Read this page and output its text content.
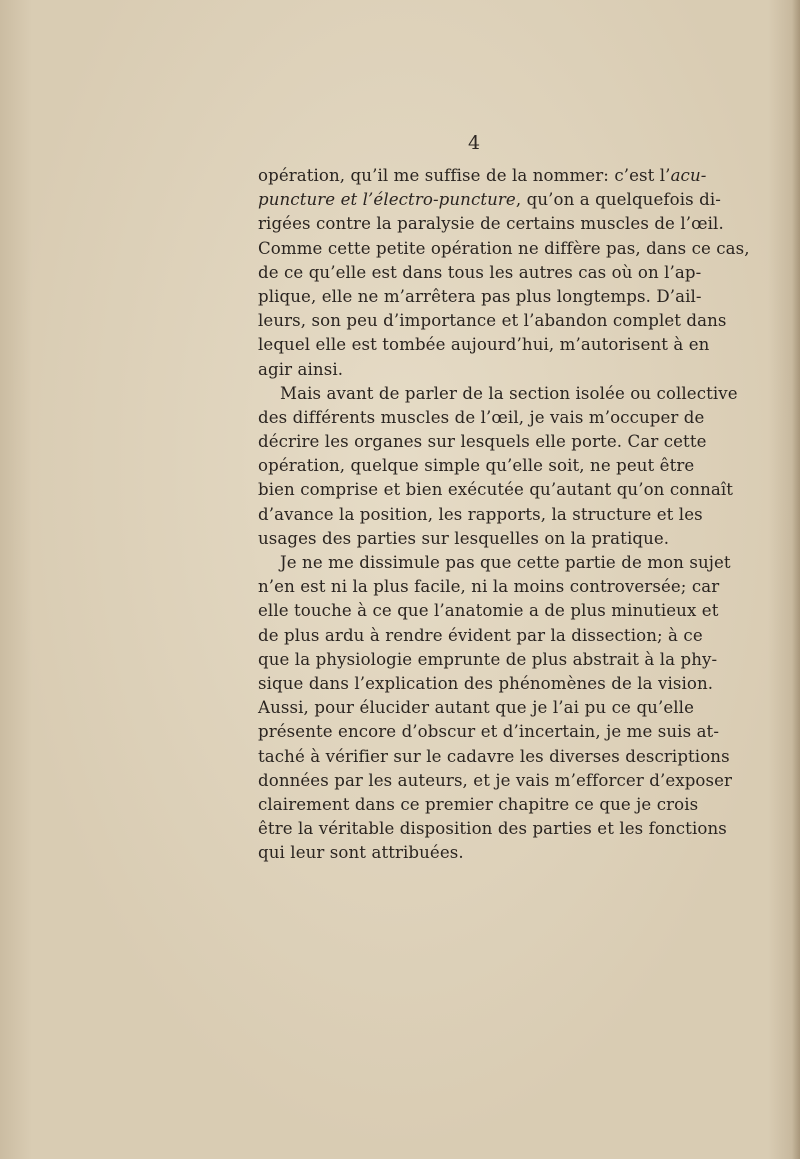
4
opération, qu’il me suffise de la nommer: c’est l’acu-
puncture et l’électro-puncture, qu’on a quelquefois di-
rigées contre la paralysie de certains muscles de l’œil.
Comme cette petite opération ne diffère pas, dans ce cas,
de ce qu’elle est dans tous les autres cas où on l’ap-
plique, elle ne m’arrêtera pas plus longtemps. D’ail-
leurs, son peu d’importance et l’abandon complet dans
lequel elle est tombée aujourd’hui, m’autorisent à en
agir ainsi.
Mais avant de parler de la section isolée ou collective
des différents muscles de l’œil, je vais m’occuper de
décrire les organes sur lesquels elle porte. Car cette
opération, quelque simple qu’elle soit, ne peut être
bien comprise et bien exécutée qu’autant qu’on connaît
d’avance la position, les rapports, la structure et les
usages des parties sur lesquelles on la pratique.
Je ne me dissimule pas que cette partie de mon sujet
n’en est ni la plus facile, ni la moins controversée; car
elle touche à ce que l’anatomie a de plus minutieux et
de plus ardu à rendre évident par la dissection; à ce
que la physiologie emprunte de plus abstrait à la phy-
sique dans l’explication des phénomènes de la vision.
Aussi, pour élucider autant que je l’ai pu ce qu’elle
présente encore d’obscur et d’incertain, je me suis at-
taché à vérifier sur le cadavre les diverses descriptions
données par les auteurs, et je vais m’efforcer d’exposer
clairement dans ce premier chapitre ce que je crois
être la véritable disposition des parties et les fonctions
qui leur sont attribuées.
